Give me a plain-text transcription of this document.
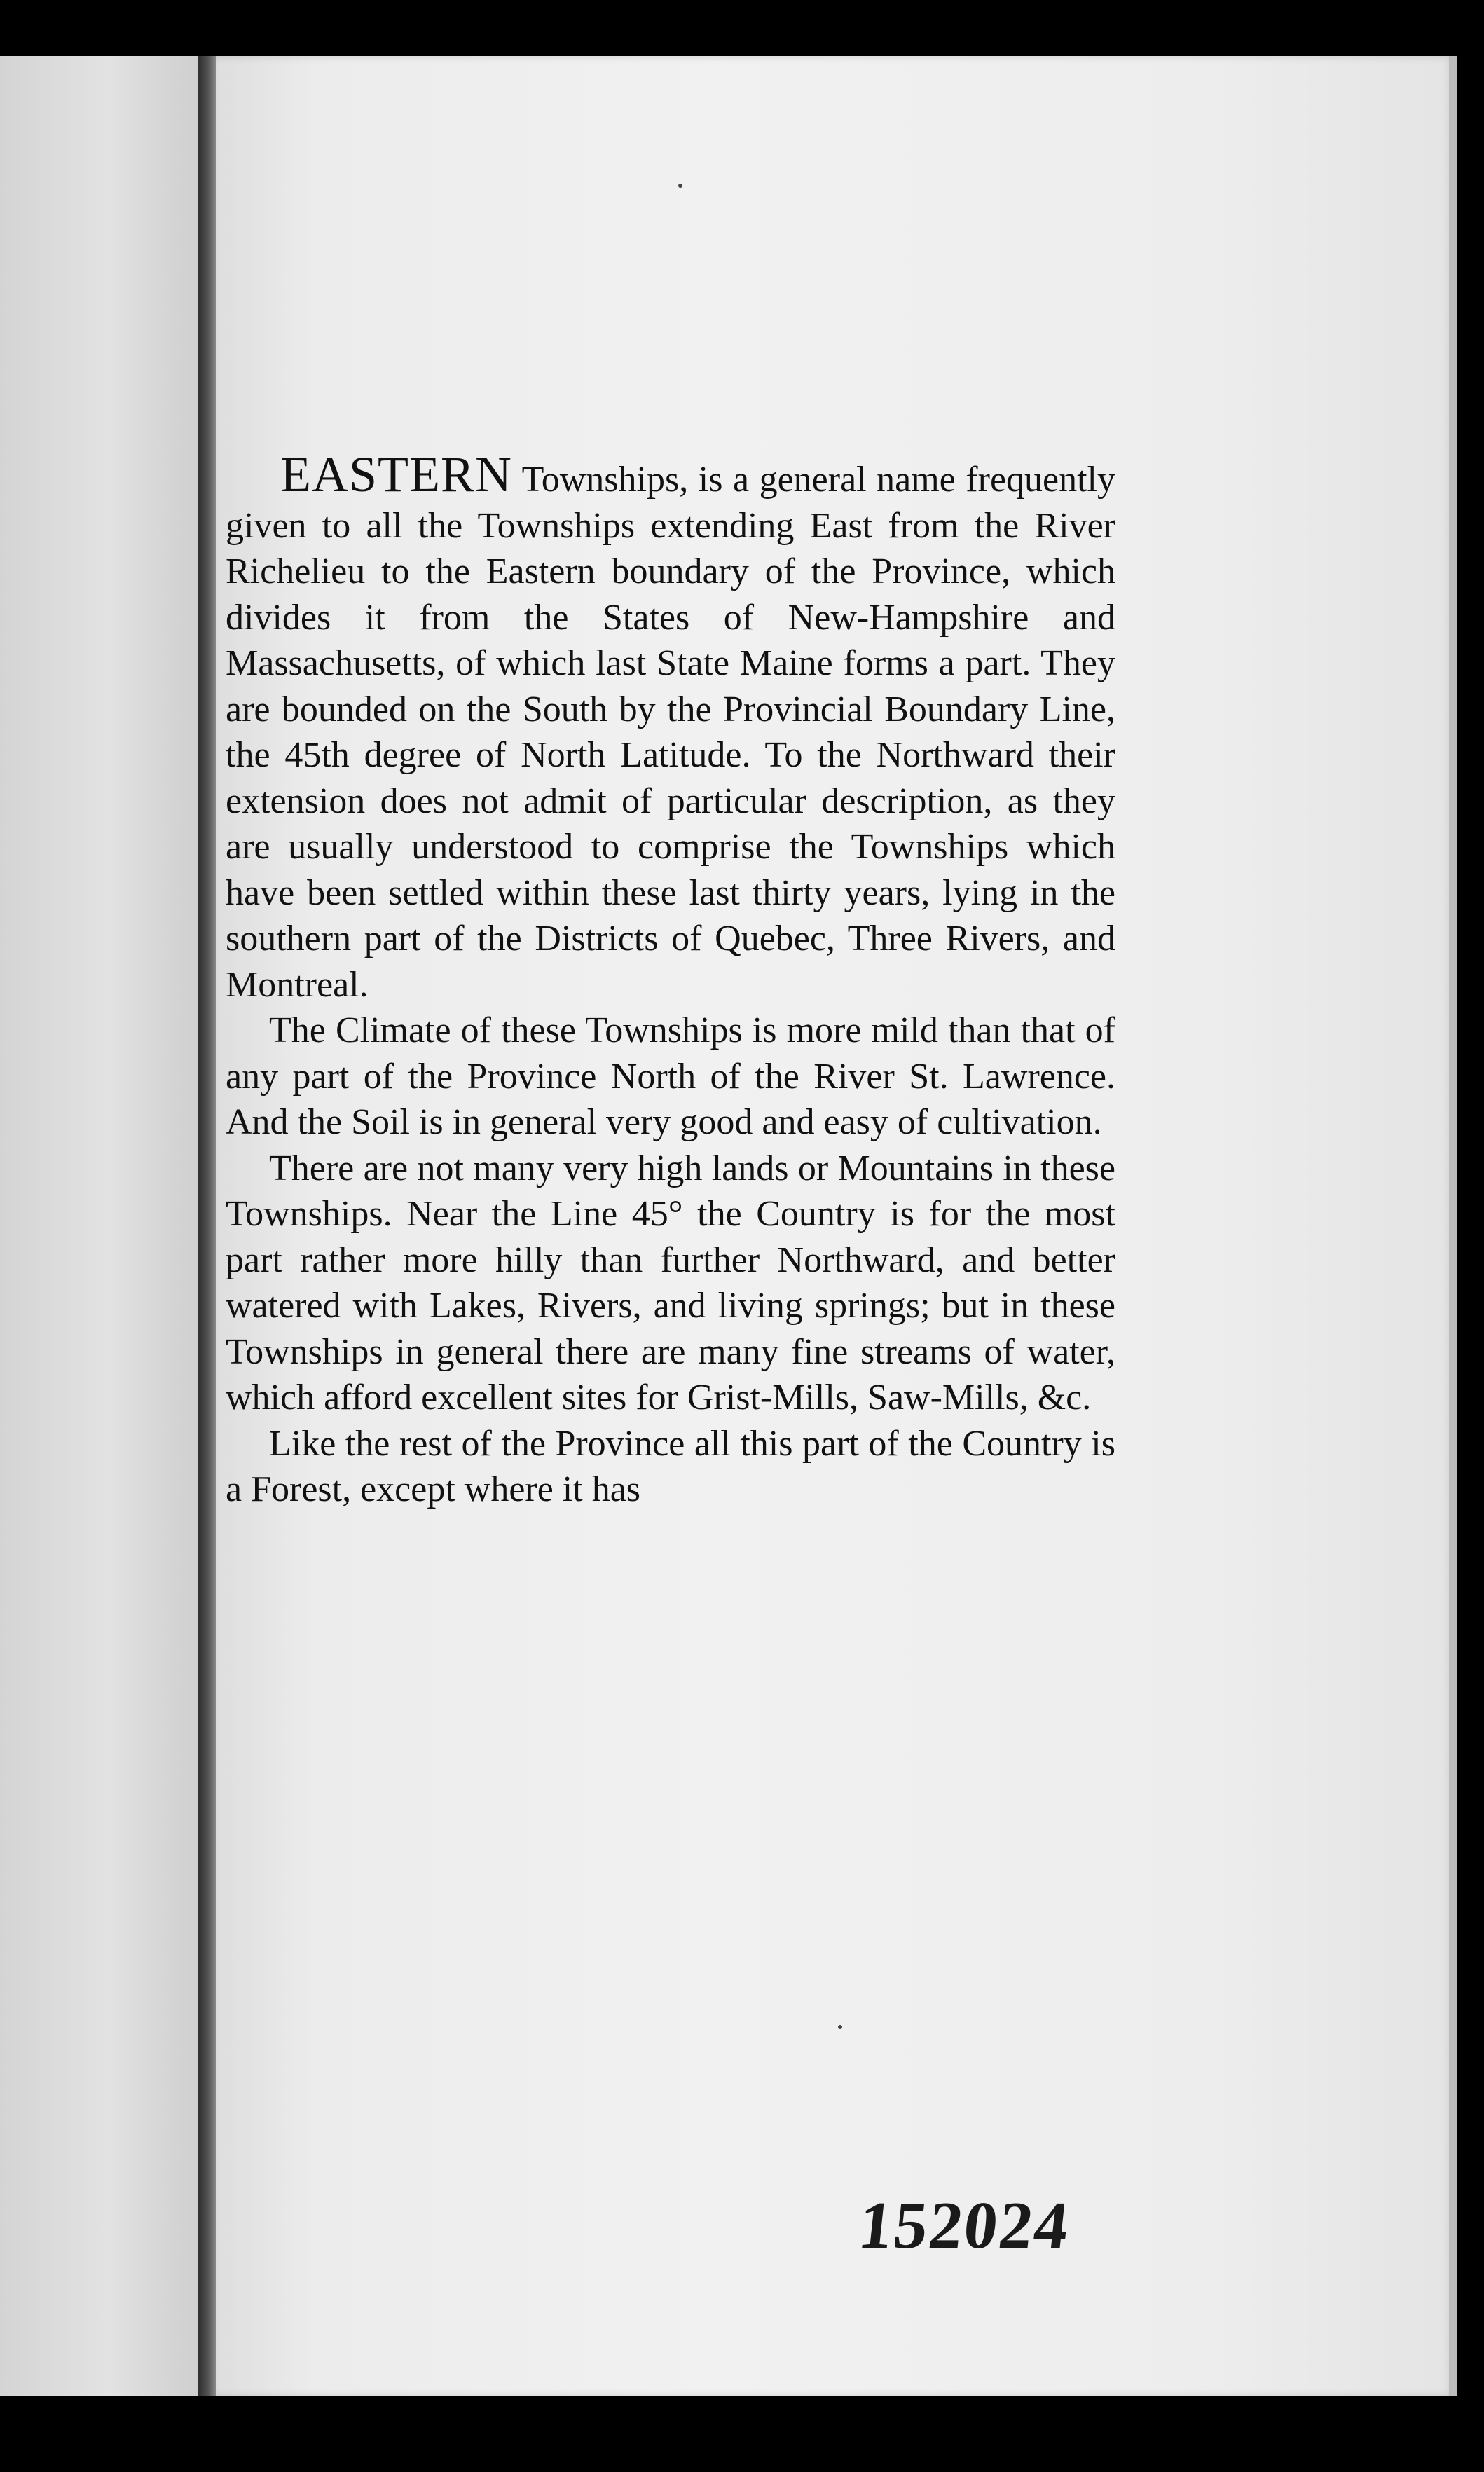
EASTERN Townships, is a general name frequently given to all the Townships extending East from the River Richelieu to the Eastern boundary of the Province, which divides it from the States of New-Hampshire and Massachusetts, of which last State Maine forms a part. They are bounded on the South by the Provincial Boundary Line, the 45th degree of North Latitude. To the Northward their extension does not admit of particular description, as they are usually understood to comprise the Townships which have been settled within these last thirty years, lying in the southern part of the Districts of Quebec, Three Rivers, and Montreal.

The Climate of these Townships is more mild than that of any part of the Province North of the River St. Lawrence. And the Soil is in general very good and easy of cultivation.

There are not many very high lands or Mountains in these Townships. Near the Line 45° the Country is for the most part rather more hilly than further Northward, and better watered with Lakes, Rivers, and living springs; but in these Townships in general there are many fine streams of water, which afford excellent sites for Grist-Mills, Saw-Mills, &c.

Like the rest of the Province all this part of the Country is a Forest, except where it has

152024
